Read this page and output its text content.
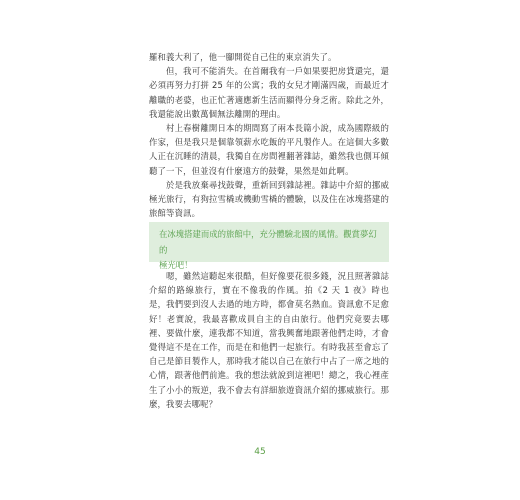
羅和義大利了，他一腳開從自己住的東京消失了。

但，我可不能消失。在首爾我有一戶如果要把房貸還完，還必須再努力打拼 25 年的公寓；我的女兒才剛滿四歲，而最近才離職的老婆，也正忙著適應新生活而顯得分身乏術。除此之外，我還能說出數萬個無法離開的理由。

村上春樹離開日本的期間寫了兩本長篇小說，成為國際級的作家，但是我只是個靠領薪水吃飯的平凡製作人。在這個大多數人正在沉睡的清晨，我獨自在房間裡翻著雜誌，雖然我也側耳傾聽了一下，但並沒有什麼遠方的鼓聲，果然是如此啊。

於是我放棄尋找鼓聲，重新回到雜誌裡。雜誌中介紹的挪威極光旅行，有狗拉雪橇或機動雪橇的體驗，以及住在冰塊搭建的旅館等資訊。

在冰塊搭建而成的旅館中，充分體驗北國的風情。觀賞夢幻的
極光吧！

嗯，雖然這聽起來很酷，但好像要花很多錢，況且照著雜誌介紹的路線旅行，實在不像我的作風。拍《2 天 1 夜》時也是，我們要到沒人去過的地方時，都會莫名熱血。資訊愈不足愈好！老實說，我最喜歡成員自主的自由旅行。他們究竟要去哪裡、要做什麼，連我都不知道，當我興奮地跟著他們走時，才會覺得這不是在工作，而是在和他們一起旅行。有時我甚至會忘了自己是節目製作人，那時我才能以自己在旅行中占了一席之地的心情，跟著他們前進。我的想法就說到這裡吧！總之，我心裡產生了小小的叛逆，我不會去有詳細旅遊資訊介紹的挪威旅行。那麼，我要去哪呢？

45
